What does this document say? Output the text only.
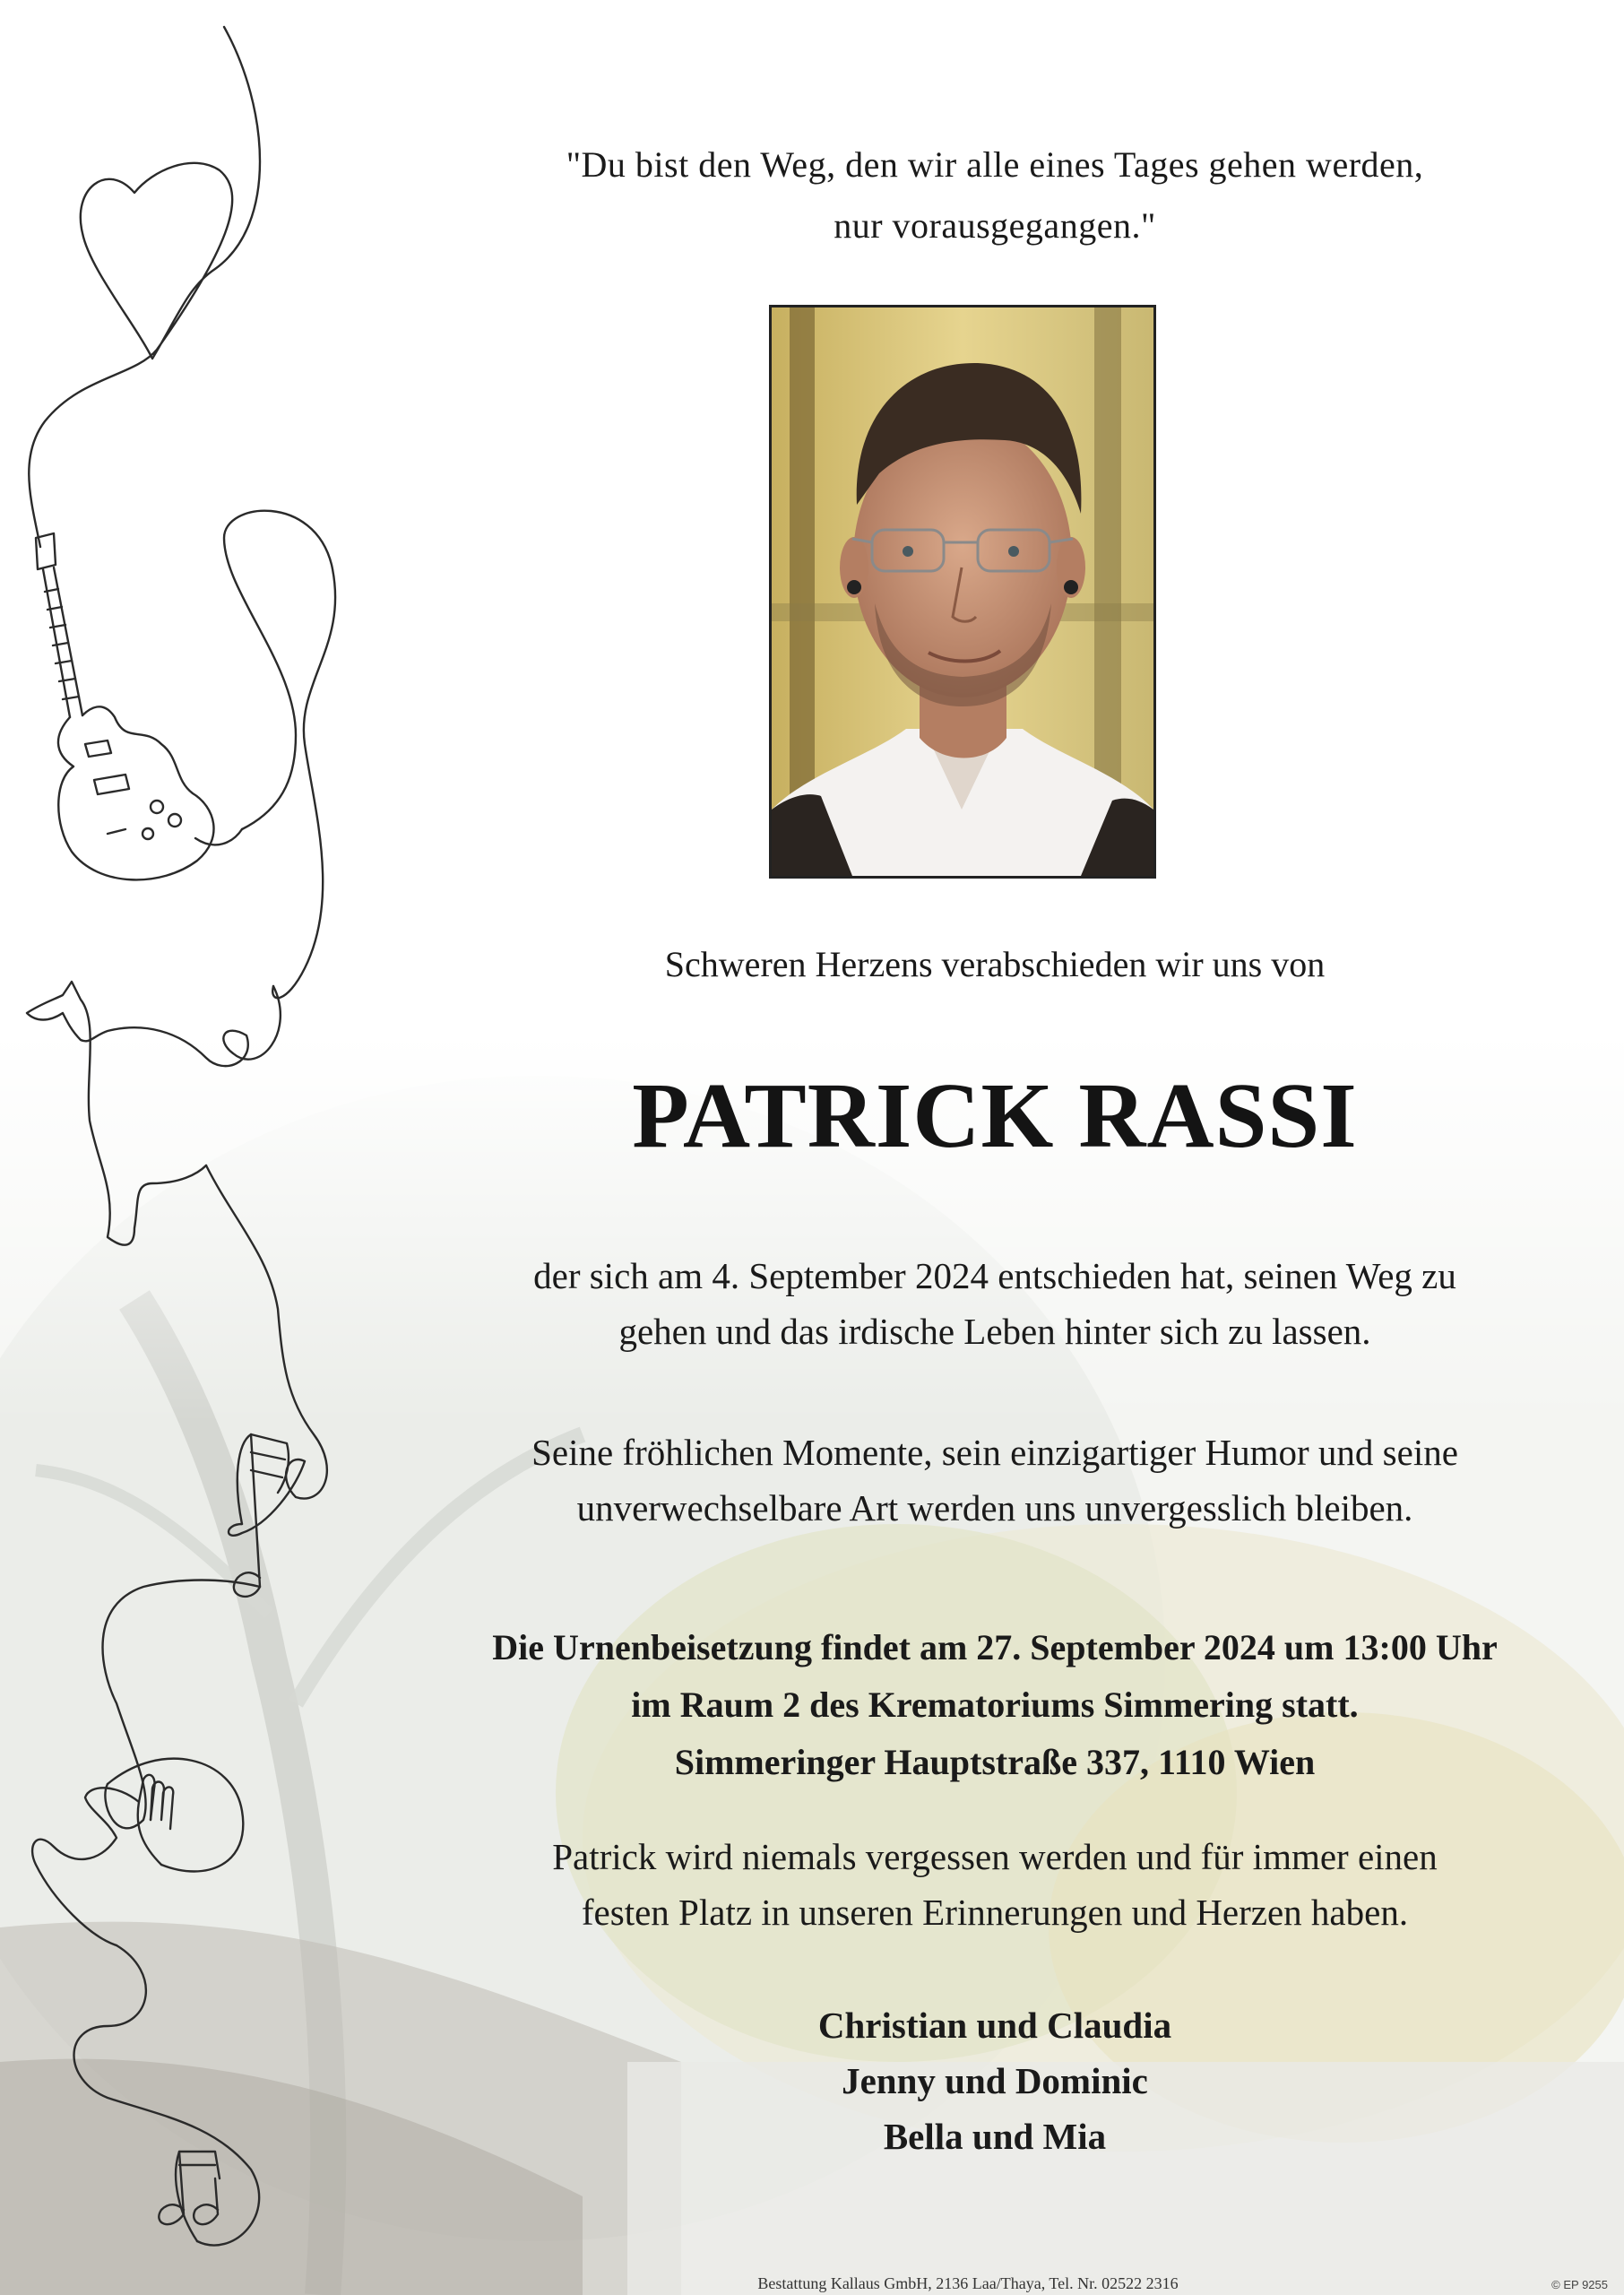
"Du bist den Weg, den wir alle eines Tages gehen werden,
nur vorausgegangen."
Schweren Herzens verabschieden wir uns von
PATRICK RASSI
der sich am 4. September 2024 entschieden hat, seinen Weg zu
gehen und das irdische Leben hinter sich zu lassen.
Seine fröhlichen Momente, sein einzigartiger Humor und seine
unverwechselbare Art werden uns unvergesslich bleiben.
Die Urnenbeisetzung findet am 27. September 2024 um 13:00 Uhr
im Raum 2 des Krematoriums Simmering statt.
Simmeringer Hauptstraße 337, 1110 Wien
Patrick wird niemals vergessen werden und für immer einen
festen Platz in unseren Erinnerungen und Herzen haben.
Christian und Claudia
Jenny und Dominic
Bella und Mia
Bestattung Kallaus GmbH, 2136 Laa/Thaya, Tel. Nr. 02522 2316	© EP 9255
